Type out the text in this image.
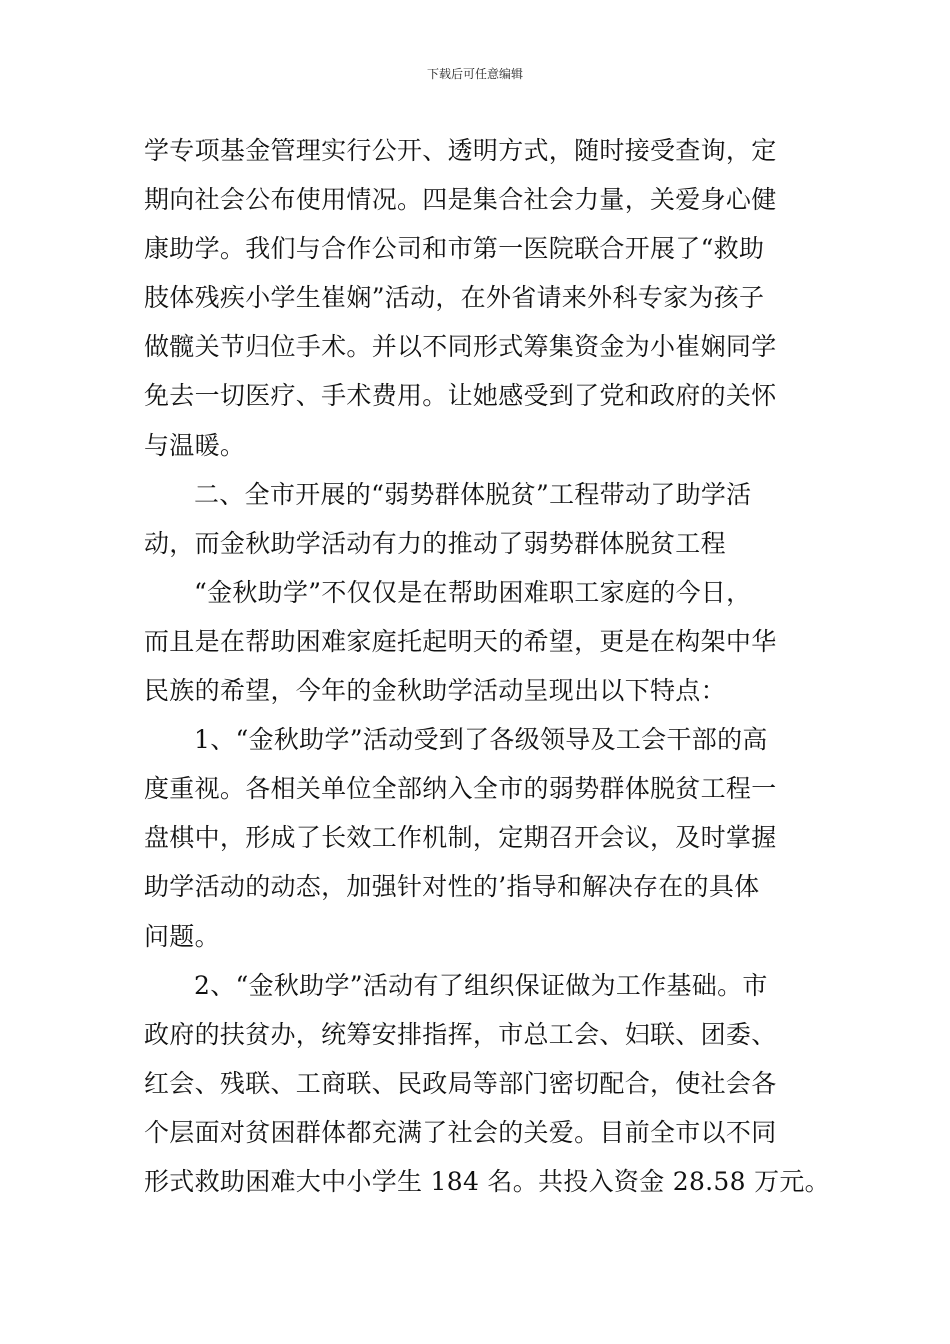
下载后可任意编辑
学专项基金管理实行公开、透明方式，随时接受查询，定
期向社会公布使用情况。四是集合社会力量，关爱身心健
康助学。我们与合作公司和市第一医院联合开展了“救助
肢体残疾小学生崔娴”活动，在外省请来外科专家为孩子
做髋关节归位手术。并以不同形式筹集资金为小崔娴同学
免去一切医疗、手术费用。让她感受到了党和政府的关怀
与温暖。
二、全市开展的“弱势群体脱贫”工程带动了助学活
动，而金秋助学活动有力的推动了弱势群体脱贫工程
“金秋助学”不仅仅是在帮助困难职工家庭的今日，
而且是在帮助困难家庭托起明天的希望，更是在构架中华
民族的希望，今年的金秋助学活动呈现出以下特点：
1、“金秋助学”活动受到了各级领导及工会干部的高
度重视。各相关单位全部纳入全市的弱势群体脱贫工程一
盘棋中，形成了长效工作机制，定期召开会议，及时掌握
助学活动的动态，加强针对性的’指导和解决存在的具体
问题。
2、“金秋助学”活动有了组织保证做为工作基础。市
政府的扶贫办，统筹安排指挥，市总工会、妇联、团委、
红会、残联、工商联、民政局等部门密切配合，使社会各
个层面对贫困群体都充满了社会的关爱。目前全市以不同
形式救助困难大中小学生 184 名。共投入资金 28.58 万元。
